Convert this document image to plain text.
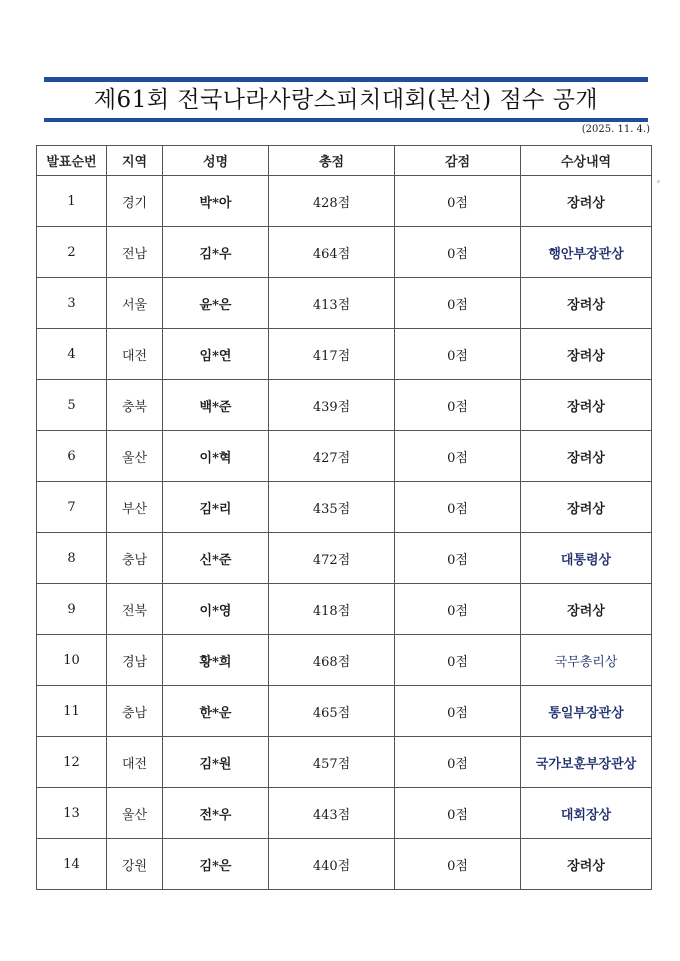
제61회 전국나라사랑스피치대회(본선) 점수 공개
(2025. 11. 4.)
발표순번	지역	성명	총점	감점	수상내역
1	경기	박*아	428점	0점	장려상
2	전남	김*우	464점	0점	행안부장관상
3	서울	윤*은	413점	0점	장려상
4	대전	임*연	417점	0점	장려상
5	충북	백*준	439점	0점	장려상
6	울산	이*혁	427점	0점	장려상
7	부산	김*리	435점	0점	장려상
8	충남	신*준	472점	0점	대통령상
9	전북	이*영	418점	0점	장려상
10	경남	황*희	468점	0점	국무총리상
11	충남	한*운	465점	0점	통일부장관상
12	대전	김*원	457점	0점	국가보훈부장관상
13	울산	전*우	443점	0점	대회장상
14	강원	김*은	440점	0점	장려상
